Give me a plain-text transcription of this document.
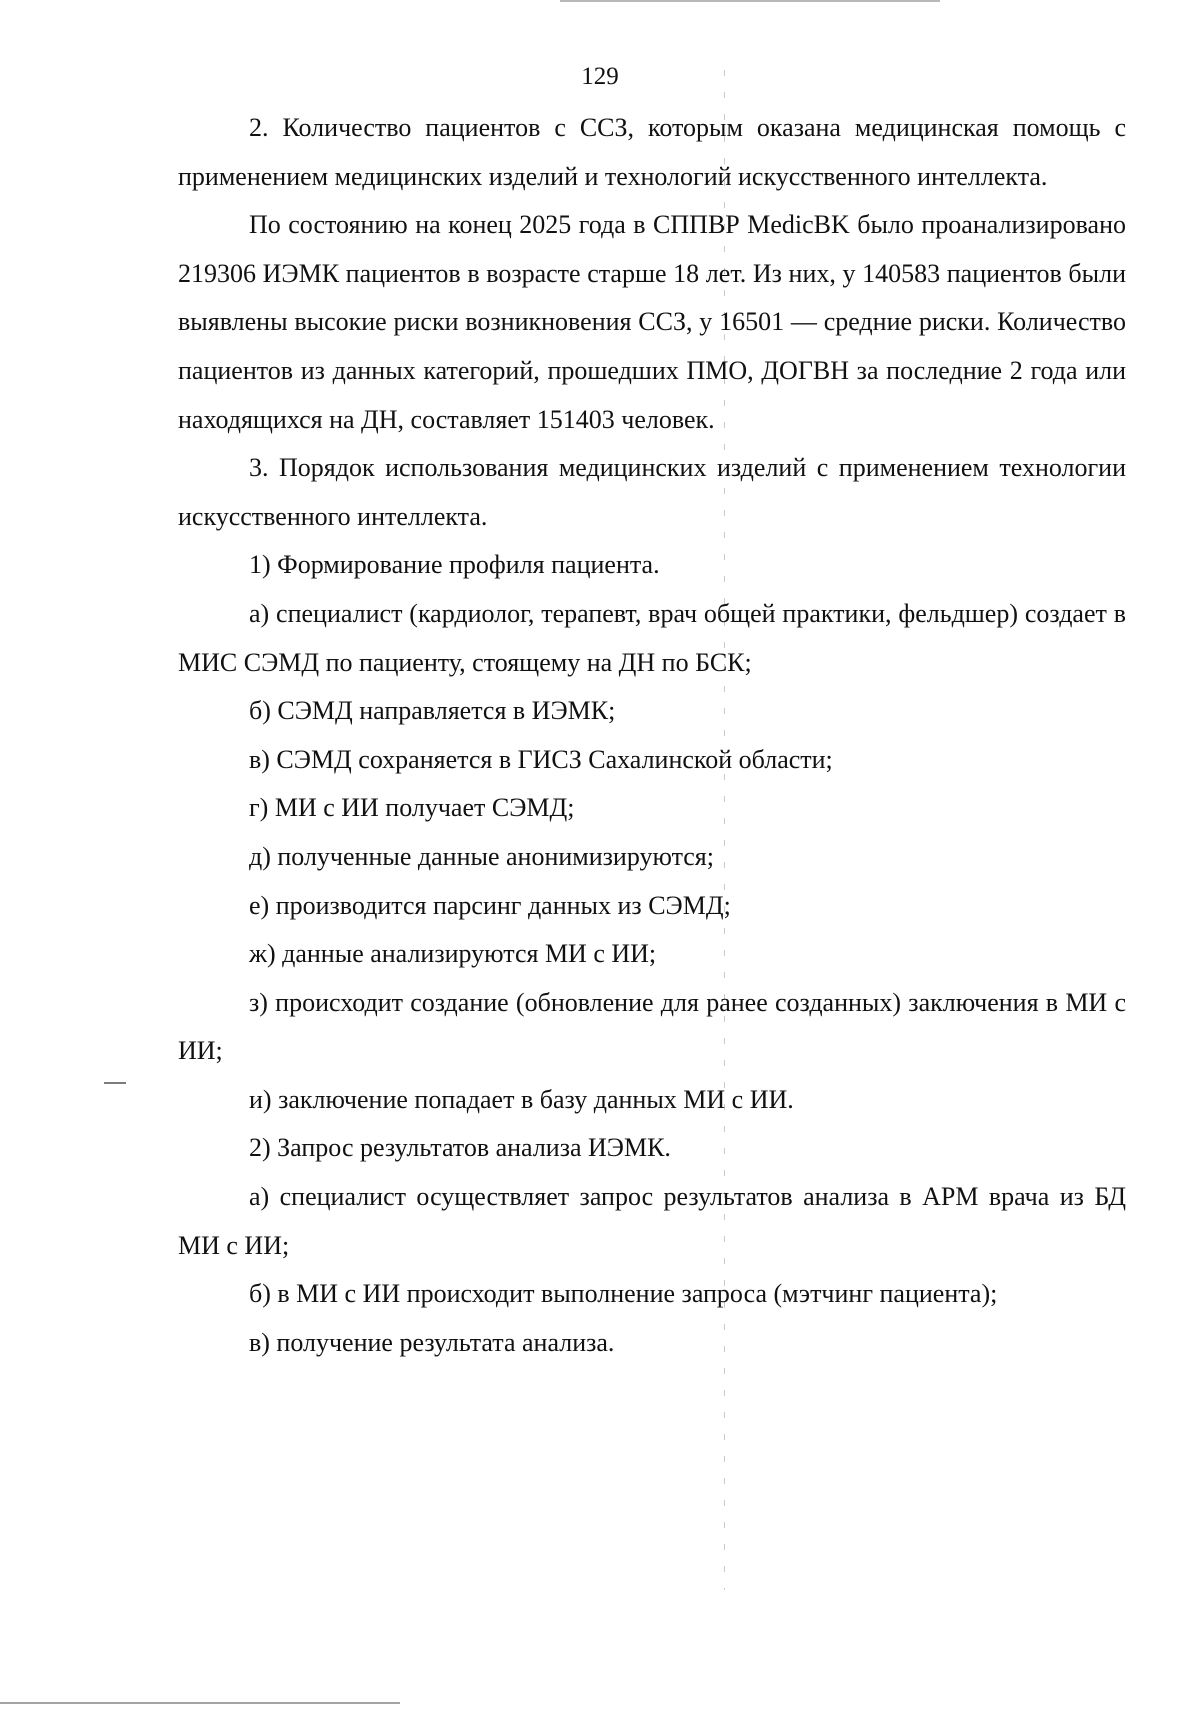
129

2. Количество пациентов с ССЗ, которым оказана медицинская помощь с применением медицинских изделий и технологий искусственного интеллекта.

По состоянию на конец 2025 года в СППВР MedicBK было проанализировано 219306 ИЭМК пациентов в возрасте старше 18 лет. Из них, у 140583 пациентов были выявлены высокие риски возникновения ССЗ, у 16501 — средние риски. Количество пациентов из данных категорий, прошедших ПМО, ДОГВН за последние 2 года или находящихся на ДН, составляет 151403 человек.

3. Порядок использования медицинских изделий с применением технологии искусственного интеллекта.

1) Формирование профиля пациента.

а) специалист (кардиолог, терапевт, врач общей практики, фельдшер) создает в МИС СЭМД по пациенту, стоящему на ДН по БСК;

б) СЭМД направляется в ИЭМК;

в) СЭМД сохраняется в ГИСЗ Сахалинской области;

г) МИ с ИИ получает СЭМД;

д) полученные данные анонимизируются;

е) производится парсинг данных из СЭМД;

ж) данные анализируются МИ с ИИ;

з) происходит создание (обновление для ранее созданных) заключения в МИ с ИИ;

и) заключение попадает в базу данных МИ с ИИ.

2) Запрос результатов анализа ИЭМК.

а) специалист осуществляет запрос результатов анализа в АРМ врача из БД МИ с ИИ;

б) в МИ с ИИ происходит выполнение запроса (мэтчинг пациента);

в) получение результата анализа.
